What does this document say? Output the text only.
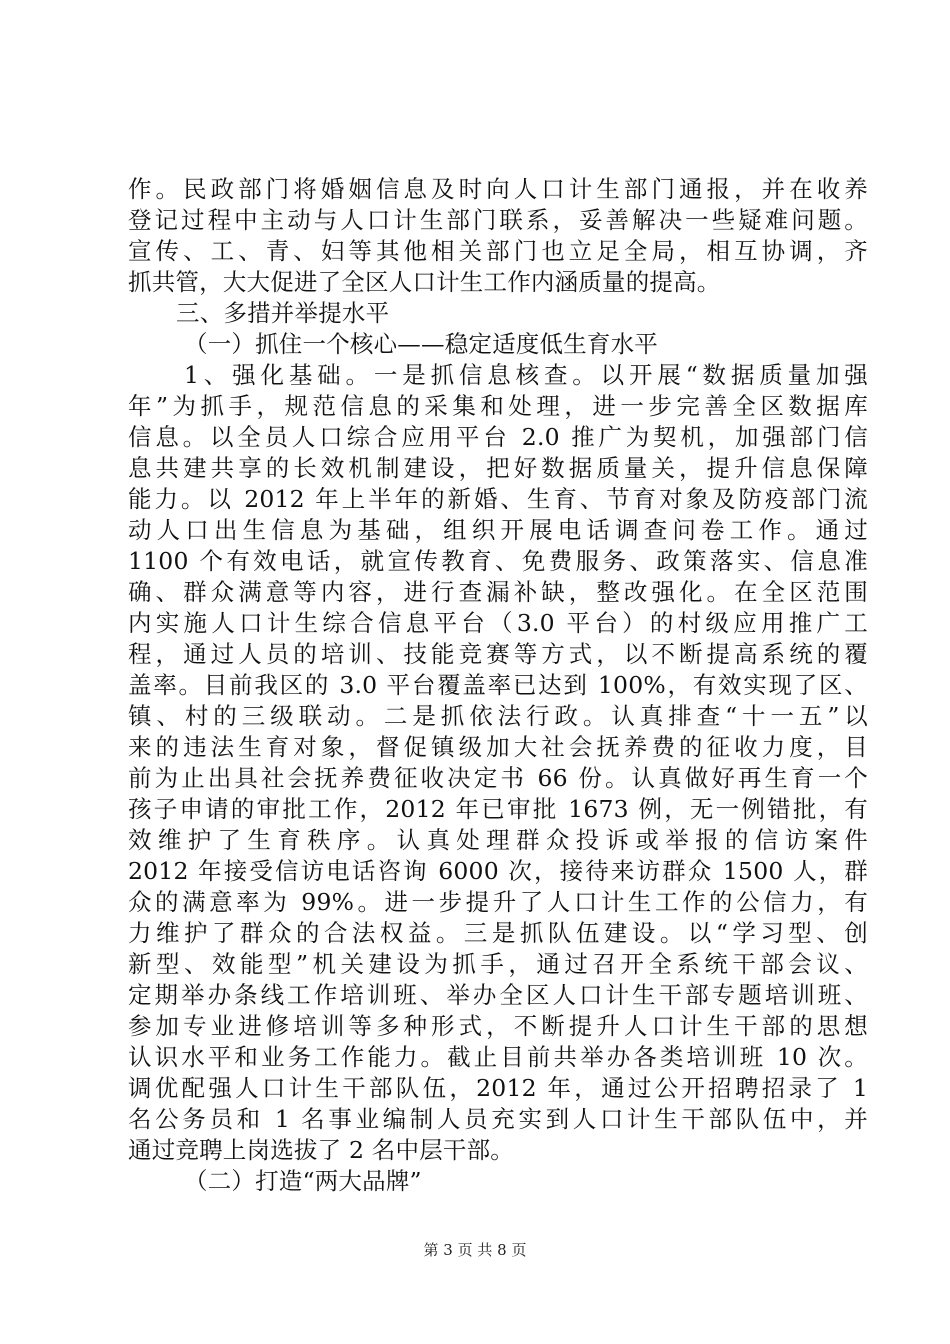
作。民政部门将婚姻信息及时向人口计生部门通报，并在收养
登记过程中主动与人口计生部门联系，妥善解决一些疑难问题。
宣传、工、青、妇等其他相关部门也立足全局，相互协调，齐
抓共管，大大促进了全区人口计生工作内涵质量的提高。
三、多措并举提水平
（一）抓住一个核心——稳定适度低生育水平
1、强化基础。一是抓信息核查。以开展“数据质量加强
年”为抓手，规范信息的采集和处理，进一步完善全区数据库
信息。以全员人口综合应用平台 2.0 推广为契机，加强部门信
息共建共享的长效机制建设，把好数据质量关，提升信息保障
能力。以 2012 年上半年的新婚、生育、节育对象及防疫部门流
动人口出生信息为基础，组织开展电话调查问卷工作。通过
1100 个有效电话，就宣传教育、免费服务、政策落实、信息准
确、群众满意等内容，进行查漏补缺，整改强化。在全区范围
内实施人口计生综合信息平台（3.0 平台）的村级应用推广工
程，通过人员的培训、技能竞赛等方式，以不断提高系统的覆
盖率。目前我区的 3.0 平台覆盖率已达到 100%，有效实现了区、
镇、村的三级联动。二是抓依法行政。认真排查“十一五”以
来的违法生育对象，督促镇级加大社会抚养费的征收力度，目
前为止出具社会抚养费征收决定书 66 份。认真做好再生育一个
孩子申请的审批工作，2012 年已审批 1673 例，无一例错批，有
效维护了生育秩序。认真处理群众投诉或举报的信访案件
2012 年接受信访电话咨询 6000 次，接待来访群众 1500 人，群
众的满意率为 99%。进一步提升了人口计生工作的公信力，有
力维护了群众的合法权益。三是抓队伍建设。以“学习型、创
新型、效能型”机关建设为抓手，通过召开全系统干部会议、
定期举办条线工作培训班、举办全区人口计生干部专题培训班、
参加专业进修培训等多种形式，不断提升人口计生干部的思想
认识水平和业务工作能力。截止目前共举办各类培训班 10 次。
调优配强人口计生干部队伍，2012 年，通过公开招聘招录了 1
名公务员和 1 名事业编制人员充实到人口计生干部队伍中，并
通过竞聘上岗选拔了 2 名中层干部。
（二）打造“两大品牌”
第 3 页 共 8 页
